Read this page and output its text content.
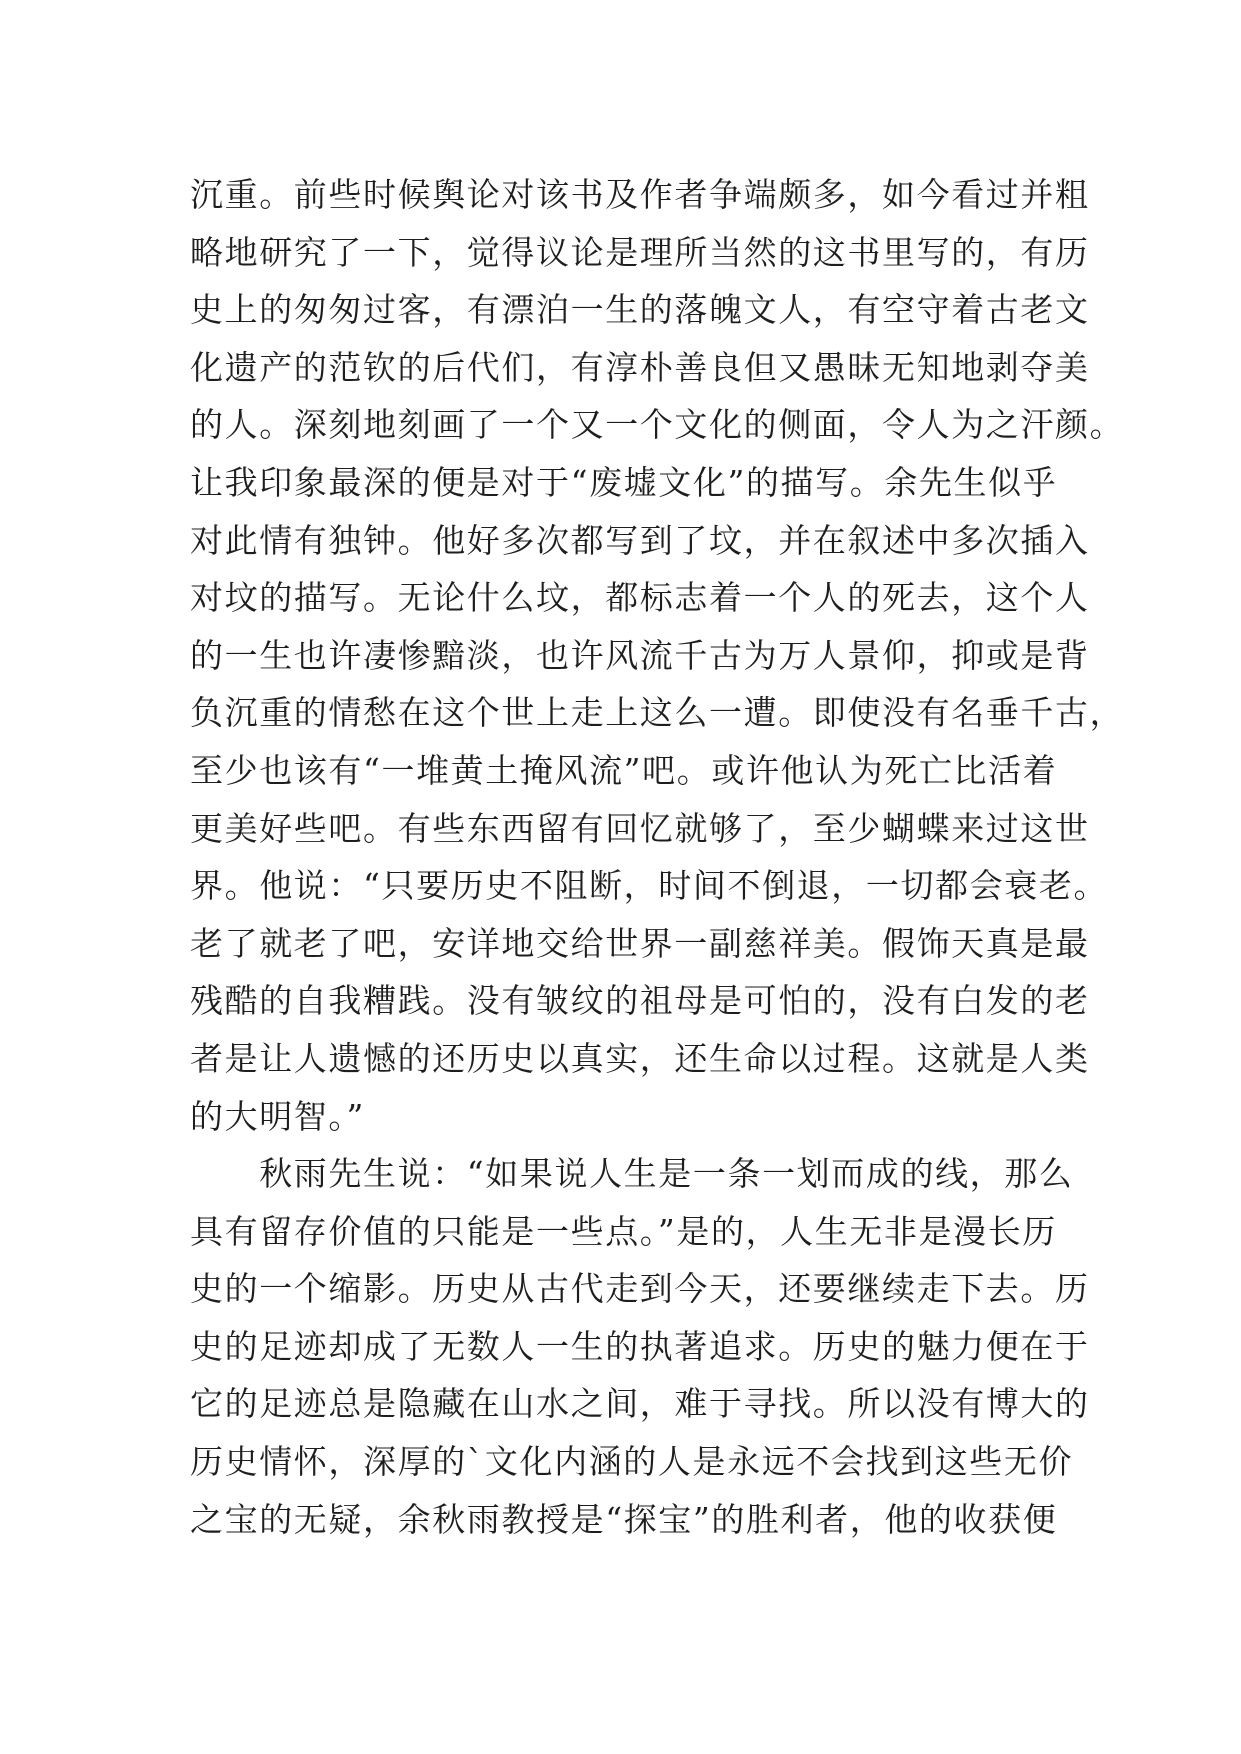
沉重。前些时候舆论对该书及作者争端颇多，如今看过并粗
略地研究了一下，觉得议论是理所当然的这书里写的，有历
史上的匆匆过客，有漂泊一生的落魄文人，有空守着古老文
化遗产的范钦的后代们，有淳朴善良但又愚昧无知地剥夺美
的人。深刻地刻画了一个又一个文化的侧面，令人为之汗颜。
让我印象最深的便是对于“废墟文化”的描写。余先生似乎
对此情有独钟。他好多次都写到了坟，并在叙述中多次插入
对坟的描写。无论什么坟，都标志着一个人的死去，这个人
的一生也许凄惨黯淡，也许风流千古为万人景仰，抑或是背
负沉重的情愁在这个世上走上这么一遭。即使没有名垂千古，
至少也该有“一堆黄土掩风流”吧。或许他认为死亡比活着
更美好些吧。有些东西留有回忆就够了，至少蝴蝶来过这世
界。他说：“只要历史不阻断，时间不倒退，一切都会衰老。
老了就老了吧，安详地交给世界一副慈祥美。假饰天真是最
残酷的自我糟践。没有皱纹的祖母是可怕的，没有白发的老
者是让人遗憾的还历史以真实，还生命以过程。这就是人类
的大明智。”
　　秋雨先生说：“如果说人生是一条一划而成的线，那么
具有留存价值的只能是一些点。”是的，人生无非是漫长历
史的一个缩影。历史从古代走到今天，还要继续走下去。历
史的足迹却成了无数人一生的执著追求。历史的魅力便在于
它的足迹总是隐藏在山水之间，难于寻找。所以没有博大的
历史情怀，深厚的`文化内涵的人是永远不会找到这些无价
之宝的无疑，余秋雨教授是“探宝”的胜利者，他的收获便
